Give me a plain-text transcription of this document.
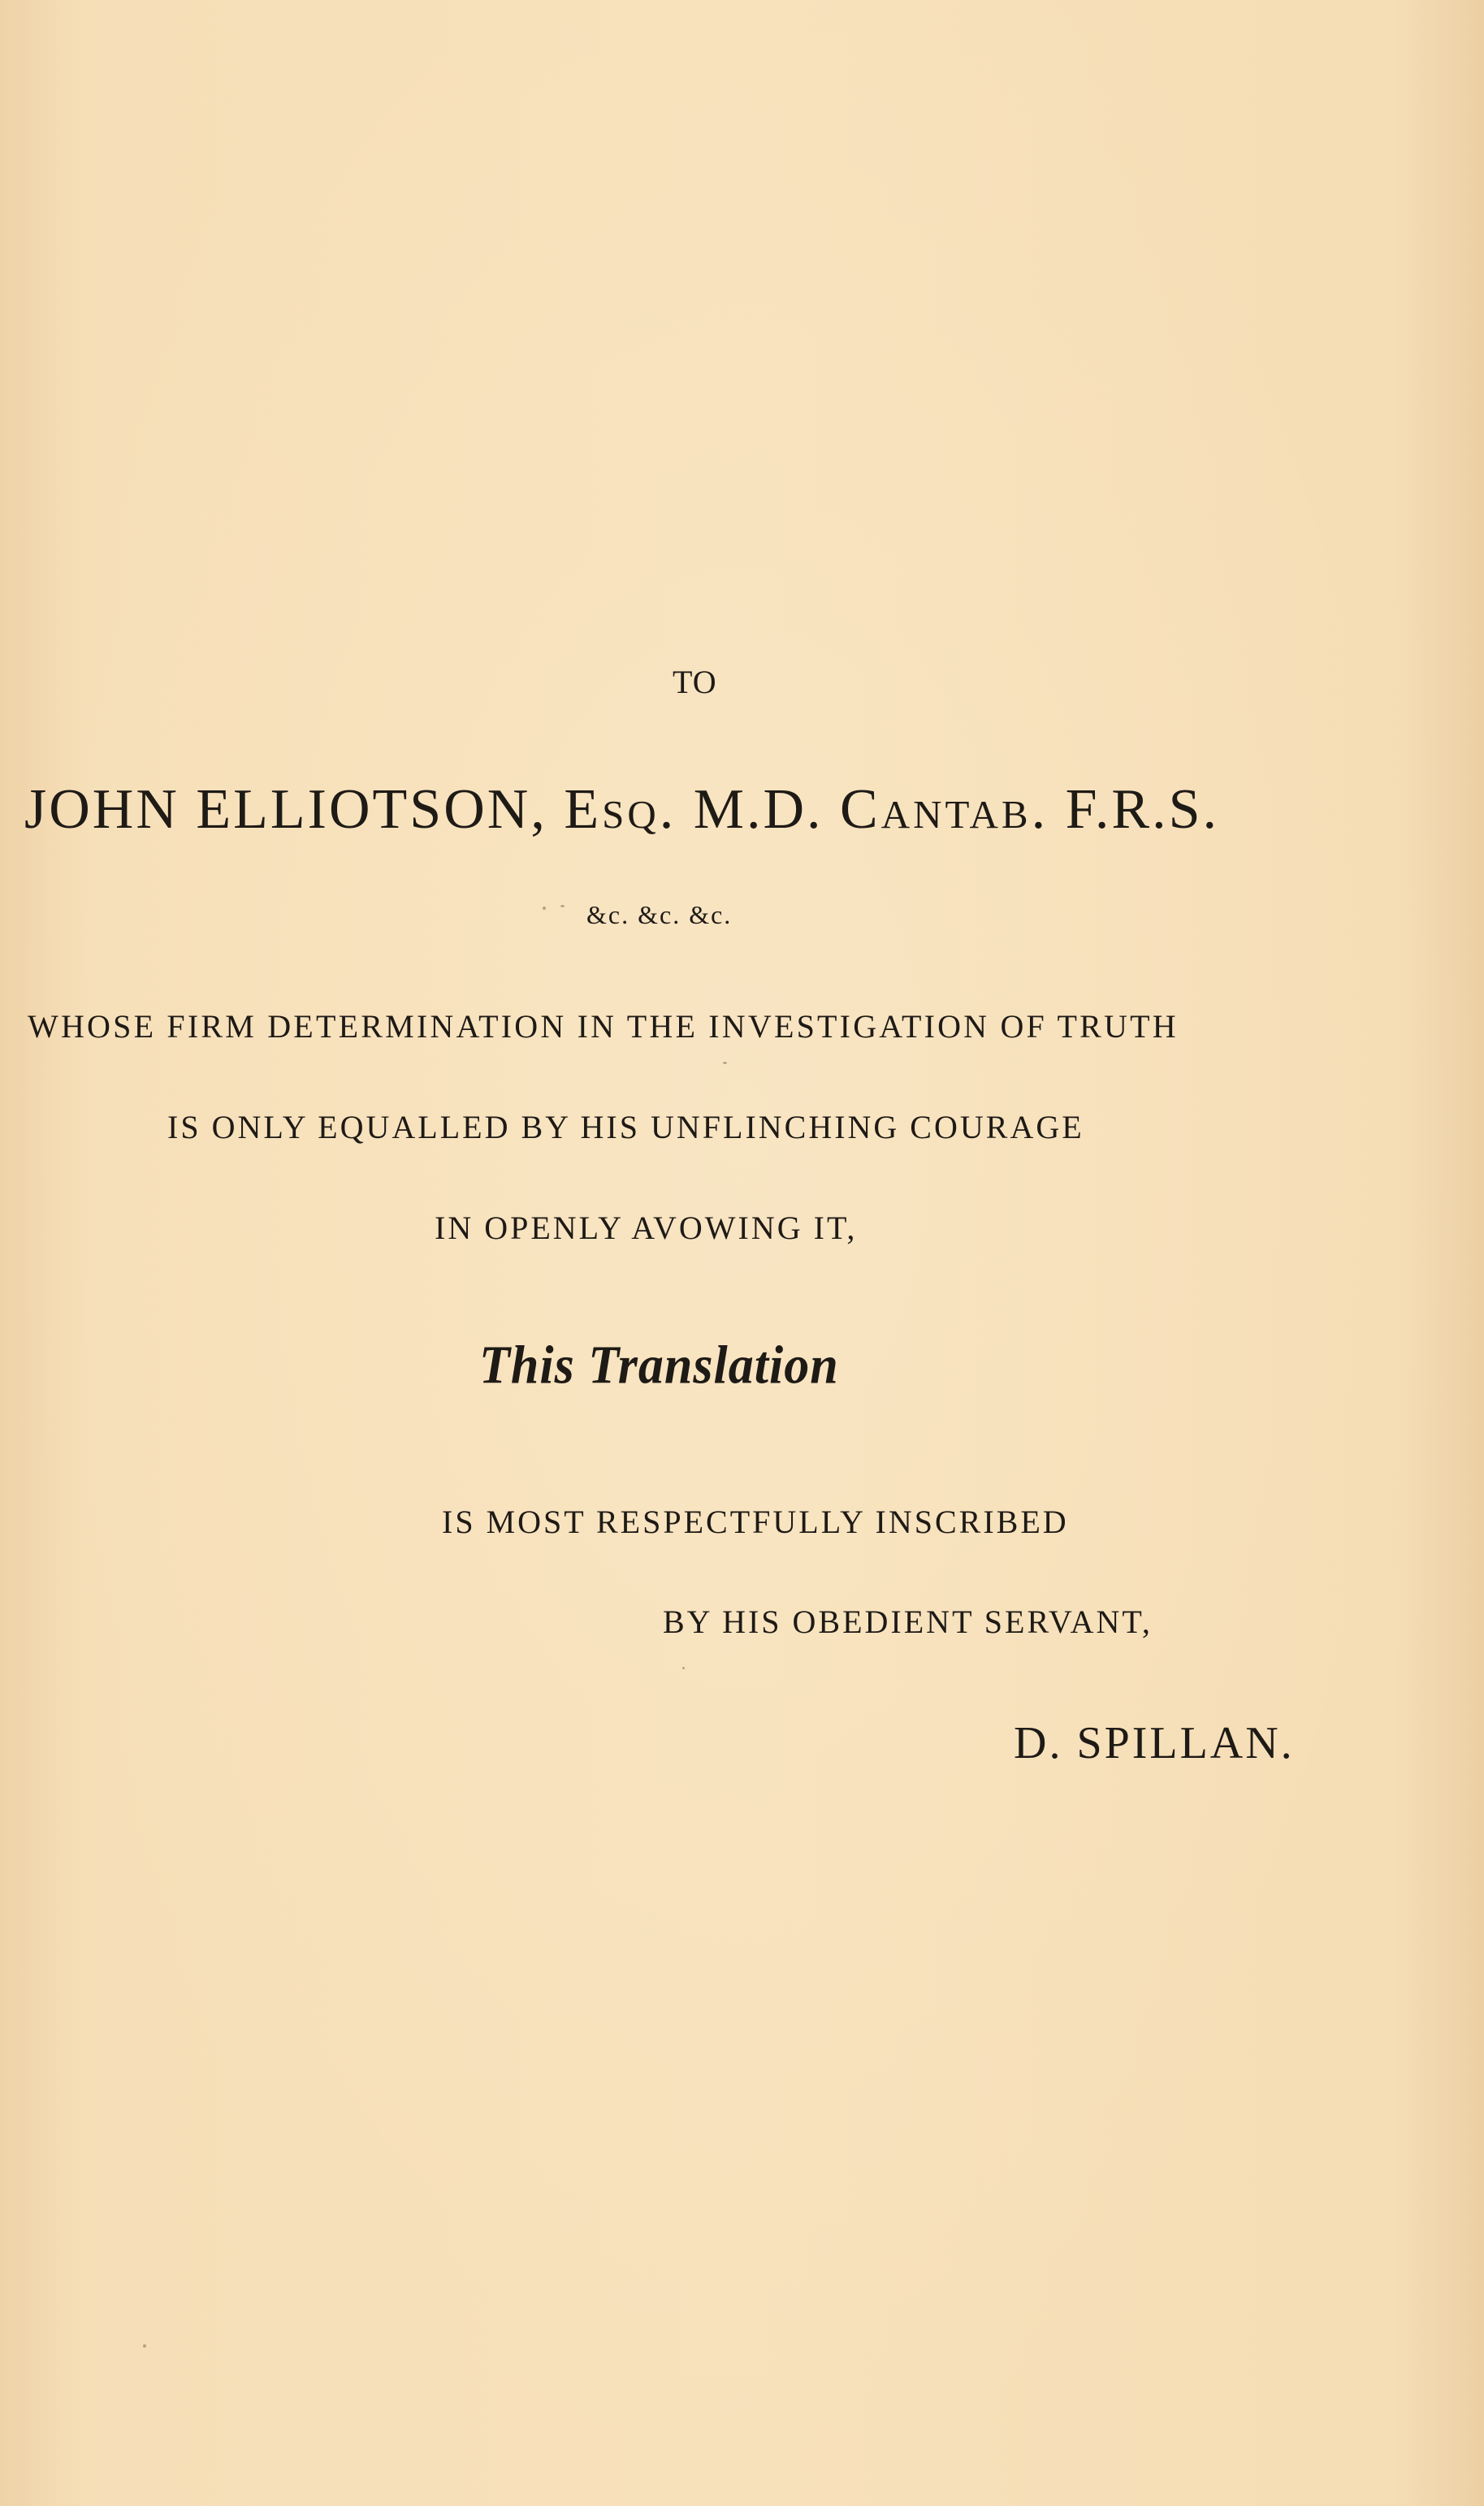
TO
JOHN ELLIOTSON, Esq. M.D. Cantab. F.R.S.
&c. &c. &c.
WHOSE FIRM DETERMINATION IN THE INVESTIGATION OF TRUTH
IS ONLY EQUALLED BY HIS UNFLINCHING COURAGE
IN OPENLY AVOWING IT,
This Translation
IS MOST RESPECTFULLY INSCRIBED
BY HIS OBEDIENT SERVANT,
D. SPILLAN.
